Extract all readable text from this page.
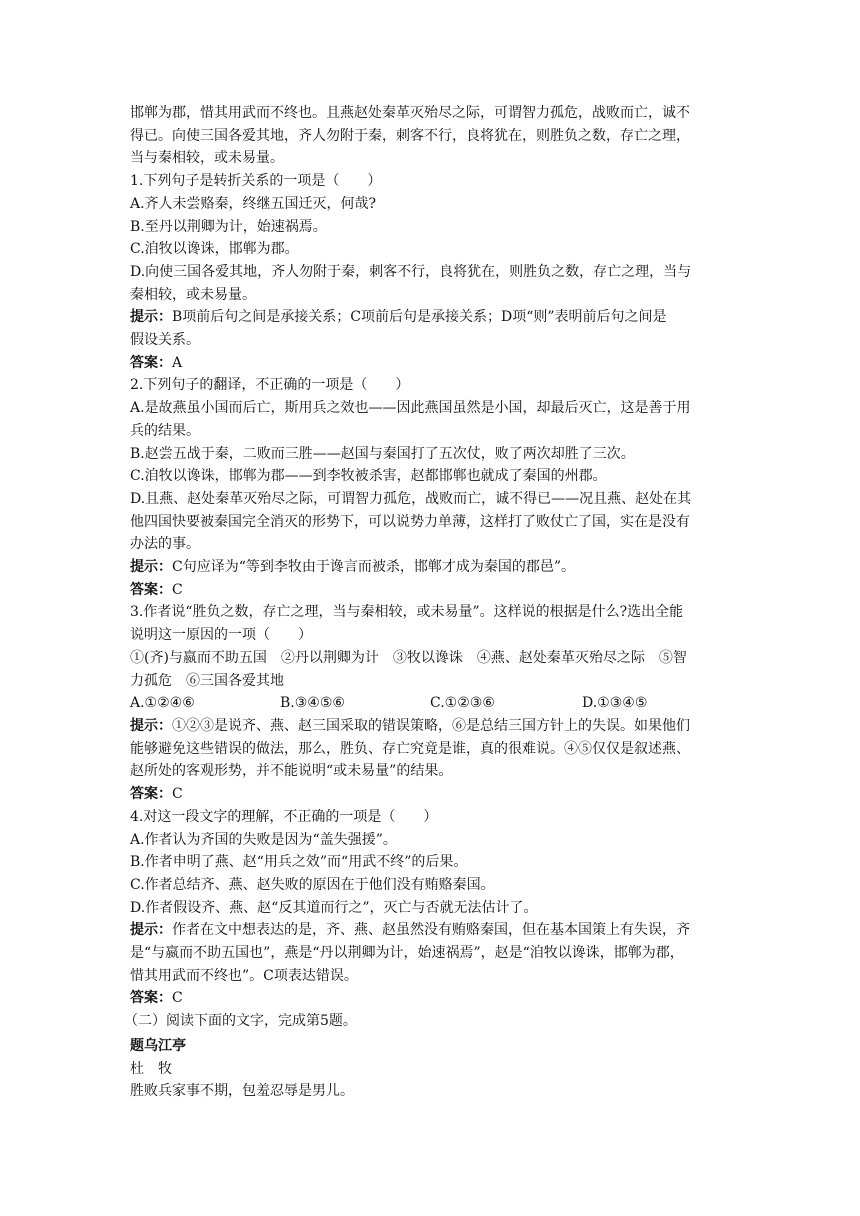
邯郸为郡，惜其用武而不终也。且燕赵处秦革灭殆尽之际，可谓智力孤危，战败而亡，诚不

得已。向使三国各爱其地，齐人勿附于秦，刺客不行，良将犹在，则胜负之数，存亡之理，

当与秦相较，或未易量。

1.下列句子是转折关系的一项是（　　）

A.齐人未尝赂秦，终继五国迁灭，何哉?

B.至丹以荆卿为计，始速祸焉。

C.洎牧以谗诛，邯郸为郡。

D.向使三国各爱其地，齐人勿附于秦，刺客不行，良将犹在，则胜负之数，存亡之理，当与

秦相较，或未易量。

提示：B项前后句之间是承接关系；C项前后句是承接关系；D项“则”表明前后句之间是

假设关系。

答案：A

2.下列句子的翻译，不正确的一项是（　　）

A.是故燕虽小国而后亡，斯用兵之效也——因此燕国虽然是小国，却最后灭亡，这是善于用

兵的结果。

B.赵尝五战于秦，二败而三胜——赵国与秦国打了五次仗，败了两次却胜了三次。

C.洎牧以谗诛，邯郸为郡——到李牧被杀害，赵都邯郸也就成了秦国的州郡。

D.且燕、赵处秦革灭殆尽之际，可谓智力孤危，战败而亡，诚不得已——况且燕、赵处在其

他四国快要被秦国完全消灭的形势下，可以说势力单薄，这样打了败仗亡了国，实在是没有

办法的事。

提示：C句应译为“等到李牧由于谗言而被杀，邯郸才成为秦国的郡邑”。

答案：C

3.作者说“胜负之数，存亡之理，当与秦相较，或未易量”。这样说的根据是什么?选出全能

说明这一原因的一项（　　）

①(齐)与嬴而不助五国　②丹以荆卿为计　③牧以谗诛　④燕、赵处秦革灭殆尽之际　⑤智

力孤危　⑥三国各爱其地

A.①②④⑥	B.③④⑤⑥	C.①②③⑥	D.①③④⑤

提示：①②③是说齐、燕、赵三国采取的错误策略，⑥是总结三国方针上的失误。如果他们

能够避免这些错误的做法，那么，胜负、存亡究竟是谁，真的很难说。④⑤仅仅是叙述燕、

赵所处的客观形势，并不能说明“或未易量”的结果。

答案：C

4.对这一段文字的理解，不正确的一项是（　　）

A.作者认为齐国的失败是因为“盖失强援”。

B.作者申明了燕、赵“用兵之效”而“用武不终”的后果。

C.作者总结齐、燕、赵失败的原因在于他们没有贿赂秦国。

D.作者假设齐、燕、赵“反其道而行之”，灭亡与否就无法估计了。

提示：作者在文中想表达的是，齐、燕、赵虽然没有贿赂秦国，但在基本国策上有失误，齐

是“与嬴而不助五国也”，燕是“丹以荆卿为计，始速祸焉”，赵是“洎牧以谗诛，邯郸为郡，

惜其用武而不终也”。C项表达错误。

答案：C

（二）阅读下面的文字，完成第5题。

题乌江亭

杜牧

胜败兵家事不期，包羞忍辱是男儿。
